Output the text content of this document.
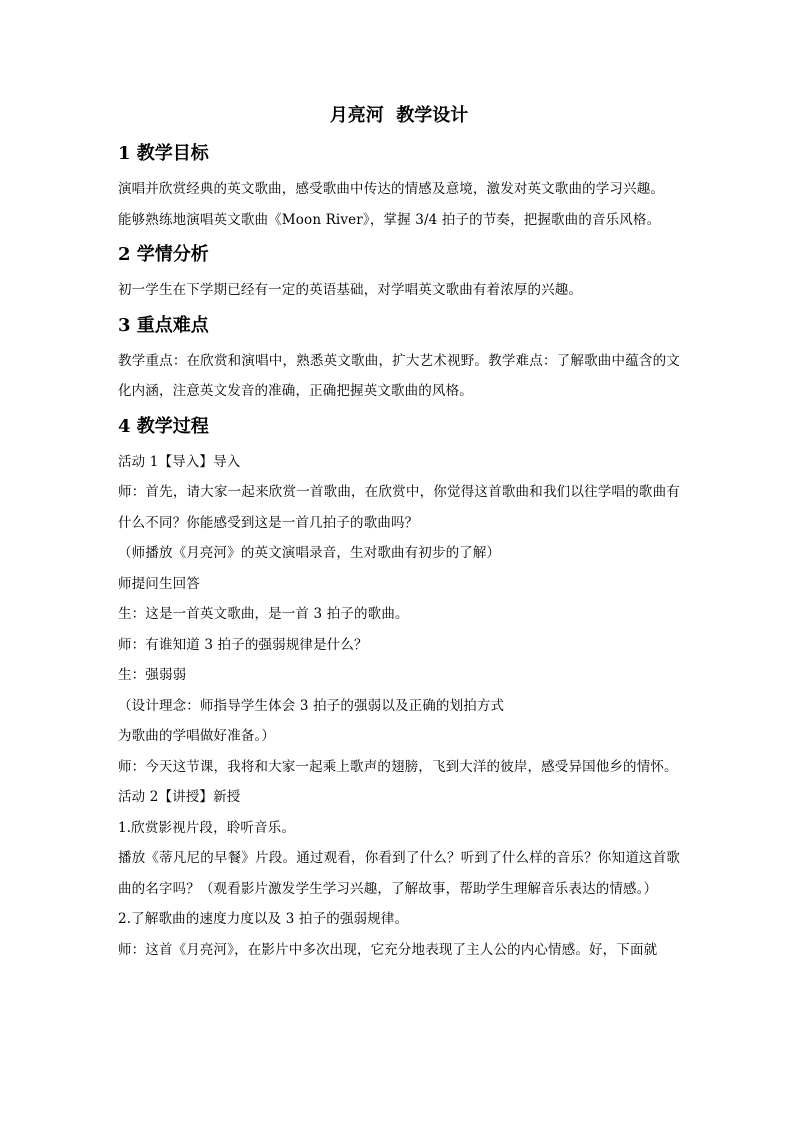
月亮河  教学设计
1 教学目标

演唱并欣赏经典的英文歌曲，感受歌曲中传达的情感及意境，激发对英文歌曲的学习兴趣。

能够熟练地演唱英文歌曲《Moon River》，掌握 3/4 拍子的节奏，把握歌曲的音乐风格。

2 学情分析

初一学生在下学期已经有一定的英语基础，对学唱英文歌曲有着浓厚的兴趣。

3 重点难点

教学重点：在欣赏和演唱中，熟悉英文歌曲，扩大艺术视野。教学难点：了解歌曲中蕴含的文化内涵，注意英文发音的准确，正确把握英文歌曲的风格。

4 教学过程

活动 1【导入】导入

师：首先，请大家一起来欣赏一首歌曲，在欣赏中，你觉得这首歌曲和我们以往学唱的歌曲有什么不同？你能感受到这是一首几拍子的歌曲吗？

（师播放《月亮河》的英文演唱录音，生对歌曲有初步的了解）

师提问生回答

生：这是一首英文歌曲，是一首 3 拍子的歌曲。

师：有谁知道 3 拍子的强弱规律是什么？

生：强弱弱

（设计理念：师指导学生体会 3 拍子的强弱以及正确的划拍方式

为歌曲的学唱做好准备。）

师：今天这节课，我将和大家一起乘上歌声的翅膀，飞到大洋的彼岸，感受异国他乡的情怀。

活动 2【讲授】新授

1.欣赏影视片段，聆听音乐。

播放《蒂凡尼的早餐》片段。通过观看，你看到了什么？听到了什么样的音乐？你知道这首歌曲的名字吗？（观看影片激发学生学习兴趣，了解故事，帮助学生理解音乐表达的情感。）

2.了解歌曲的速度力度以及 3 拍子的强弱规律。

师：这首《月亮河》，在影片中多次出现，它充分地表现了主人公的内心情感。好，下面就
